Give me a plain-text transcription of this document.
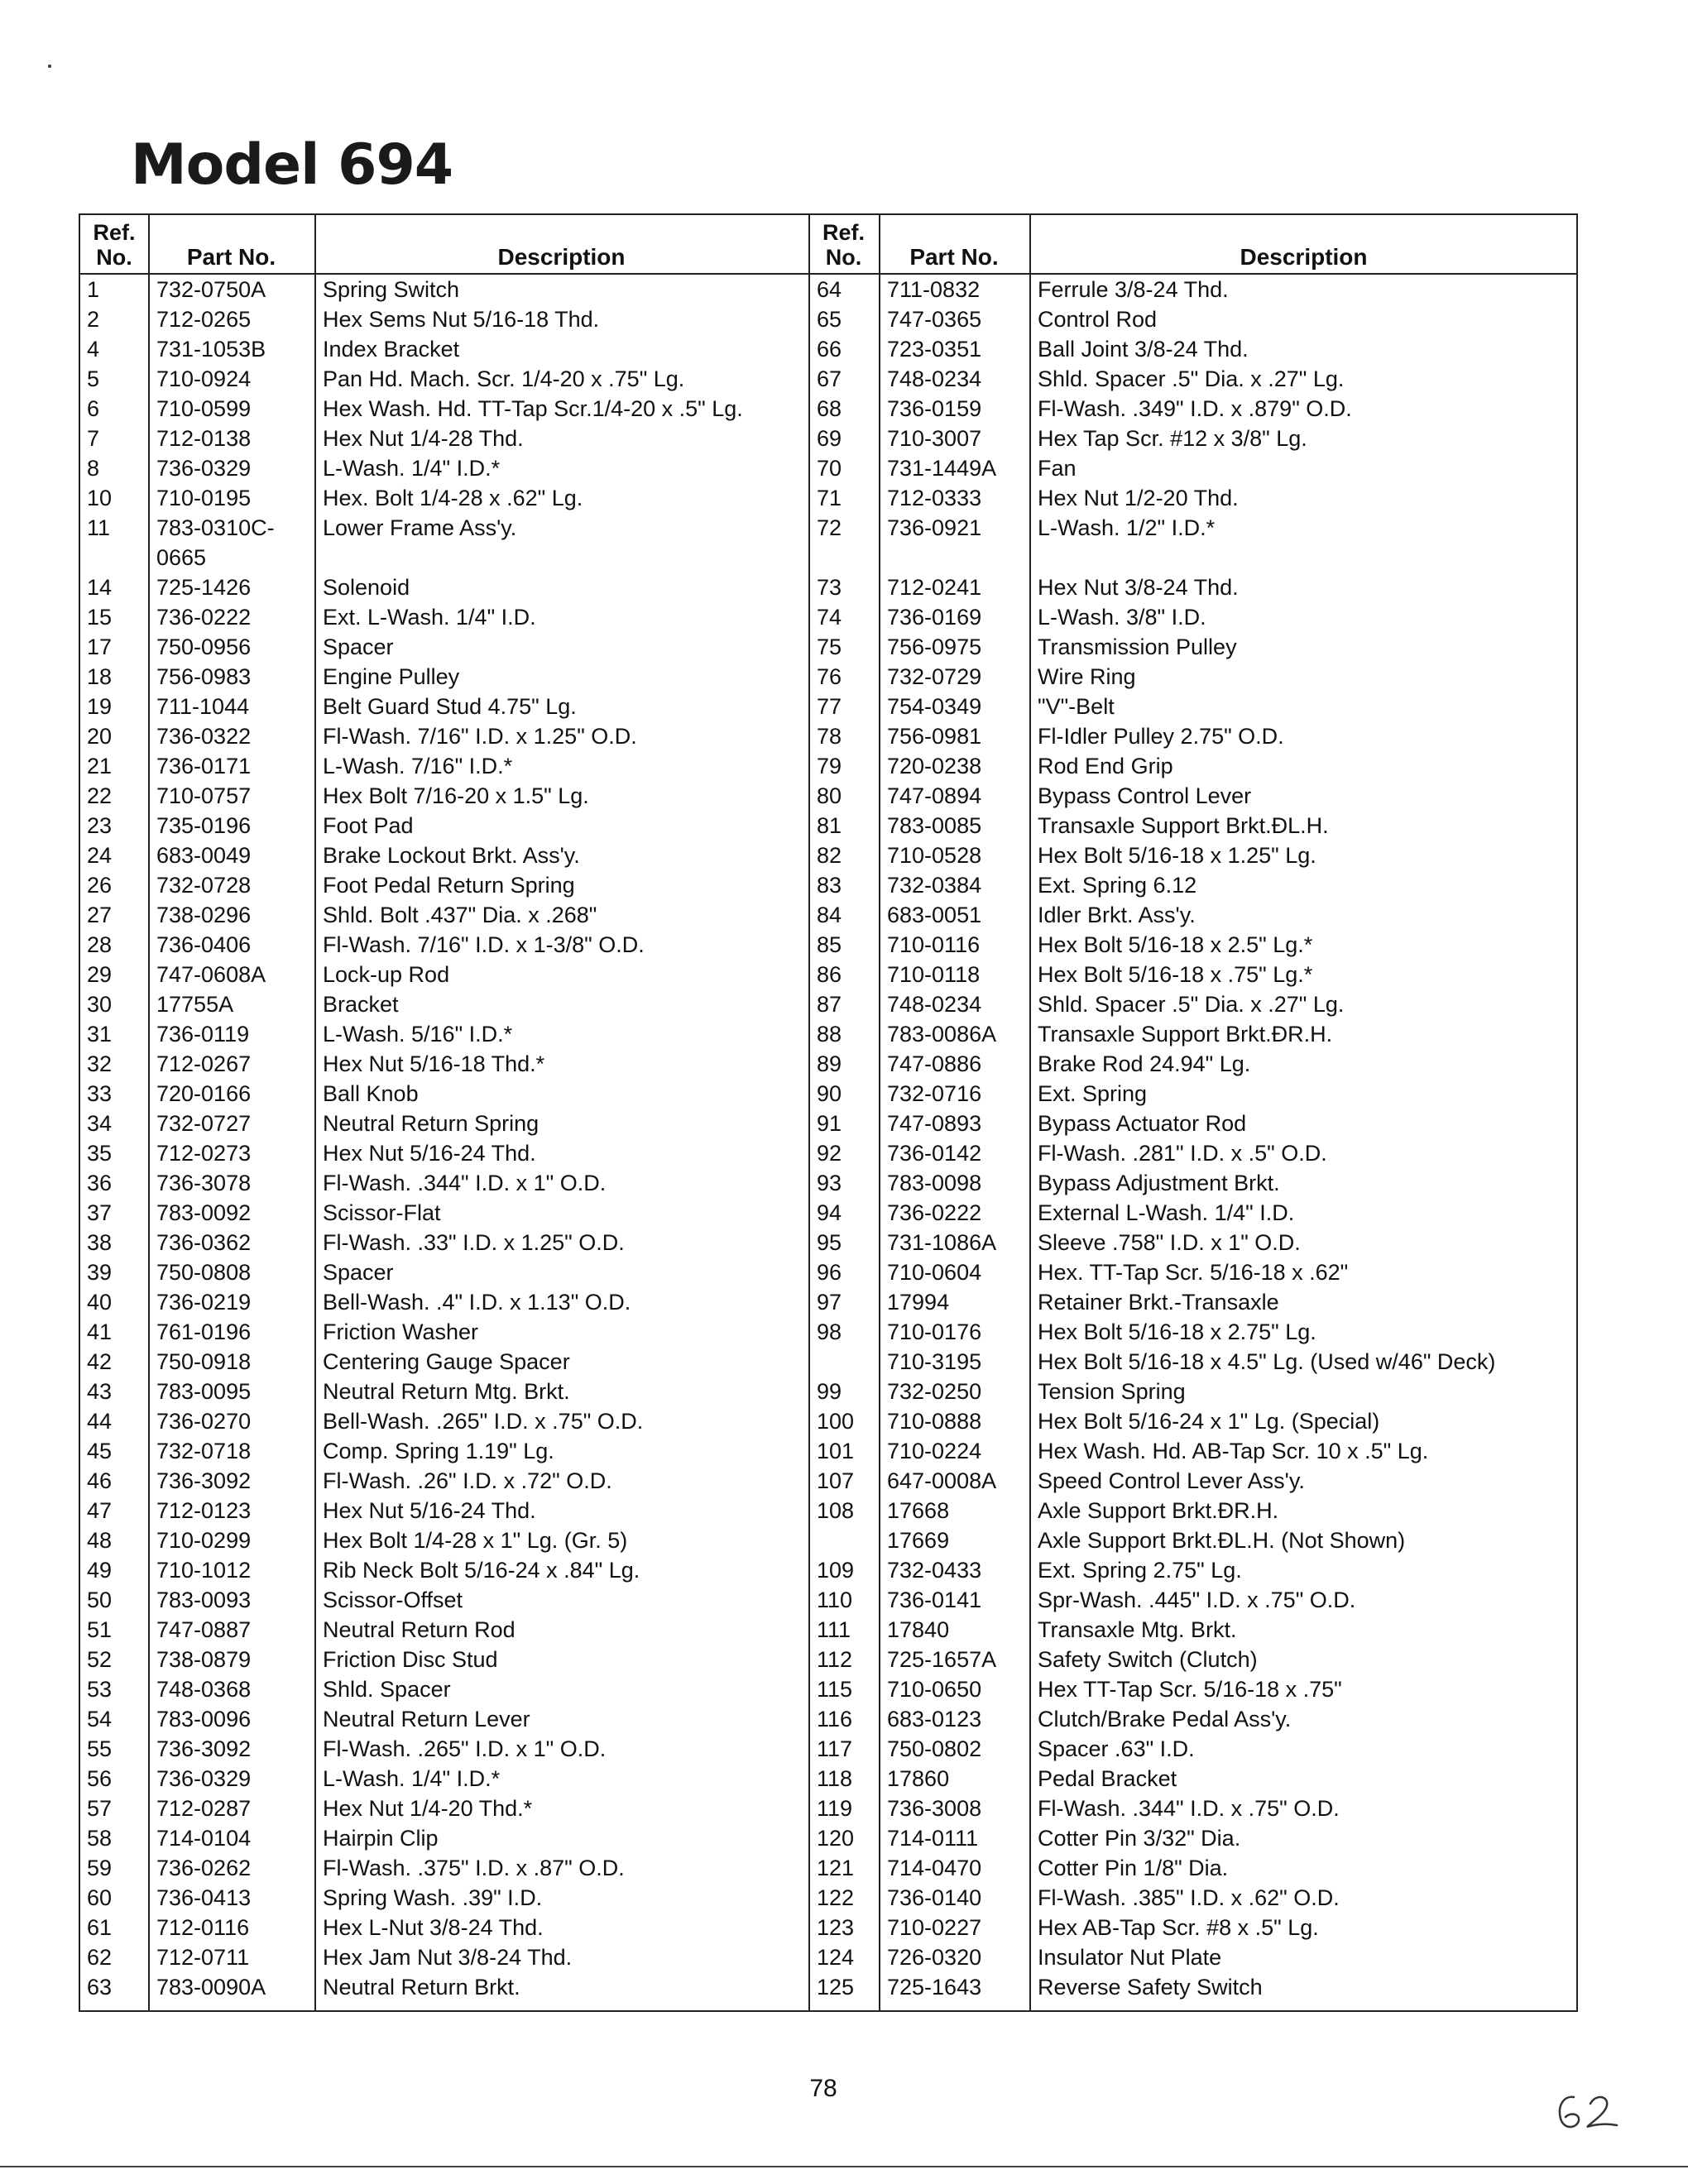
Model 694
Ref.
No.	Part No.	Description
Ref.
No.	Part No.	Description
1	732-0750A	Spring Switch	64 711-0832	Ferrule 3/8-24 Thd.
2	712-0265	Hex Sems Nut 5/16-18 Thd.	65 747-0365	Control Rod
4	731-1053B	Index Bracket	66 723-0351	Ball Joint 3/8-24 Thd.
5	710-0924	Pan Hd. Mach. Scr. 1/4-20 x .75" Lg.	67 748-0234	Shld. Spacer .5" Dia. x .27" Lg.
6	710-0599	Hex Wash. Hd. TT-Tap Scr.1/4-20 x .5" Lg.	68 736-0159	Fl-Wash. .349" I.D. x .879" O.D.
7	712-0138	Hex Nut 1/4-28 Thd.	69 710-3007	Hex Tap Scr. #12 x 3/8" Lg.
8	736-0329	L-Wash. 1/4" I.D.*	70 731-1449A Fan
10 710-0195	Hex. Bolt 1/4-28 x .62" Lg.	71 712-0333	Hex Nut 1/2-20 Thd.
11 783-0310C- Lower Frame Ass'y.	72 736-0921	L-Wash. 1/2" I.D.*
0665
14 725-1426	Solenoid	73 712-0241	Hex Nut 3/8-24 Thd.
15 736-0222	Ext. L-Wash. 1/4" I.D.	74 736-0169	L-Wash. 3/8" I.D.
17 750-0956	Spacer	75 756-0975	Transmission Pulley
18 756-0983	Engine Pulley	76 732-0729	Wire Ring
19 711-1044	Belt Guard Stud 4.75" Lg.	77 754-0349	"V"-Belt
20 736-0322	Fl-Wash. 7/16" I.D. x 1.25" O.D.	78 756-0981	Fl-Idler Pulley 2.75" O.D.
21 736-0171	L-Wash. 7/16" I.D.*	79 720-0238	Rod End Grip
22 710-0757	Hex Bolt 7/16-20 x 1.5" Lg.	80 747-0894	Bypass Control Lever
23 735-0196	Foot Pad	81 783-0085	Transaxle Support Brkt.ÐL.H.
24 683-0049	Brake Lockout Brkt. Ass'y.	82 710-0528	Hex Bolt 5/16-18 x 1.25" Lg.
26 732-0728	Foot Pedal Return Spring	83 732-0384	Ext. Spring 6.12
27 738-0296	Shld. Bolt .437" Dia. x .268"	84 683-0051	Idler Brkt. Ass'y.
28 736-0406	Fl-Wash. 7/16" I.D. x 1-3/8" O.D.	85 710-0116	Hex Bolt 5/16-18 x 2.5" Lg.*
29 747-0608A	Lock-up Rod	86 710-0118	Hex Bolt 5/16-18 x .75" Lg.*
30 17755A	Bracket	87 748-0234	Shld. Spacer .5" Dia. x .27" Lg.
31 736-0119	L-Wash. 5/16" I.D.*	88 783-0086A Transaxle Support Brkt.ÐR.H.
32 712-0267	Hex Nut 5/16-18 Thd.*	89 747-0886	Brake Rod 24.94" Lg.
33 720-0166	Ball Knob	90 732-0716	Ext. Spring
34 732-0727	Neutral Return Spring	91 747-0893	Bypass Actuator Rod
35 712-0273	Hex Nut 5/16-24 Thd.	92 736-0142	Fl-Wash. .281" I.D. x .5" O.D.
36 736-3078	Fl-Wash. .344" I.D. x 1" O.D.	93 783-0098	Bypass Adjustment Brkt.
37 783-0092	Scissor-Flat	94 736-0222	External L-Wash. 1/4" I.D.
38 736-0362	Fl-Wash. .33" I.D. x 1.25" O.D.	95 731-1086A Sleeve .758" I.D. x 1" O.D.
39 750-0808	Spacer	96 710-0604	Hex. TT-Tap Scr. 5/16-18 x .62"
40 736-0219	Bell-Wash. .4" I.D. x 1.13" O.D.	97 17994	Retainer Brkt.-Transaxle
41 761-0196	Friction Washer	98 710-0176	Hex Bolt 5/16-18 x 2.75" Lg.
42 750-0918	Centering Gauge Spacer	710-3195	Hex Bolt 5/16-18 x 4.5" Lg. (Used w/46" Deck)
43 783-0095	Neutral Return Mtg. Brkt.	99 732-0250	Tension Spring
44 736-0270	Bell-Wash. .265" I.D. x .75" O.D.	100 710-0888	Hex Bolt 5/16-24 x 1" Lg. (Special)
45 732-0718	Comp. Spring 1.19" Lg.	101 710-0224	Hex Wash. Hd. AB-Tap Scr. 10 x .5" Lg.
46 736-3092	Fl-Wash. .26" I.D. x .72" O.D.	107 647-0008A Speed Control Lever Ass'y.
47 712-0123	Hex Nut 5/16-24 Thd.	108 17668	Axle Support Brkt.ÐR.H.
48 710-0299	Hex Bolt 1/4-28 x 1" Lg. (Gr. 5)	17669	Axle Support Brkt.ÐL.H. (Not Shown)
49 710-1012	Rib Neck Bolt 5/16-24 x .84" Lg.	109 732-0433	Ext. Spring 2.75" Lg.
50 783-0093	Scissor-Offset	110 736-0141	Spr-Wash. .445" I.D. x .75" O.D.
51 747-0887	Neutral Return Rod	111 17840	Transaxle Mtg. Brkt.
52 738-0879	Friction Disc Stud	112 725-1657A Safety Switch (Clutch)
53 748-0368	Shld. Spacer	115 710-0650	Hex TT-Tap Scr. 5/16-18 x .75"
54 783-0096	Neutral Return Lever	116 683-0123	Clutch/Brake Pedal Ass'y.
55 736-3092	Fl-Wash. .265" I.D. x 1" O.D.	117 750-0802	Spacer .63" I.D.
56 736-0329	L-Wash. 1/4" I.D.*	118 17860	Pedal Bracket
57 712-0287	Hex Nut 1/4-20 Thd.*	119 736-3008	Fl-Wash. .344" I.D. x .75" O.D.
58 714-0104	Hairpin Clip	120 714-0111	Cotter Pin 3/32" Dia.
59 736-0262	Fl-Wash. .375" I.D. x .87" O.D.	121 714-0470	Cotter Pin 1/8" Dia.
60 736-0413	Spring Wash. .39" I.D.	122 736-0140	Fl-Wash. .385" I.D. x .62" O.D.
61 712-0116	Hex L-Nut 3/8-24 Thd.	123 710-0227	Hex AB-Tap Scr. #8 x .5" Lg.
62 712-0711	Hex Jam Nut 3/8-24 Thd.	124 726-0320	Insulator Nut Plate
63 783-0090A	Neutral Return Brkt.	125 725-1643	Reverse Safety Switch
78
